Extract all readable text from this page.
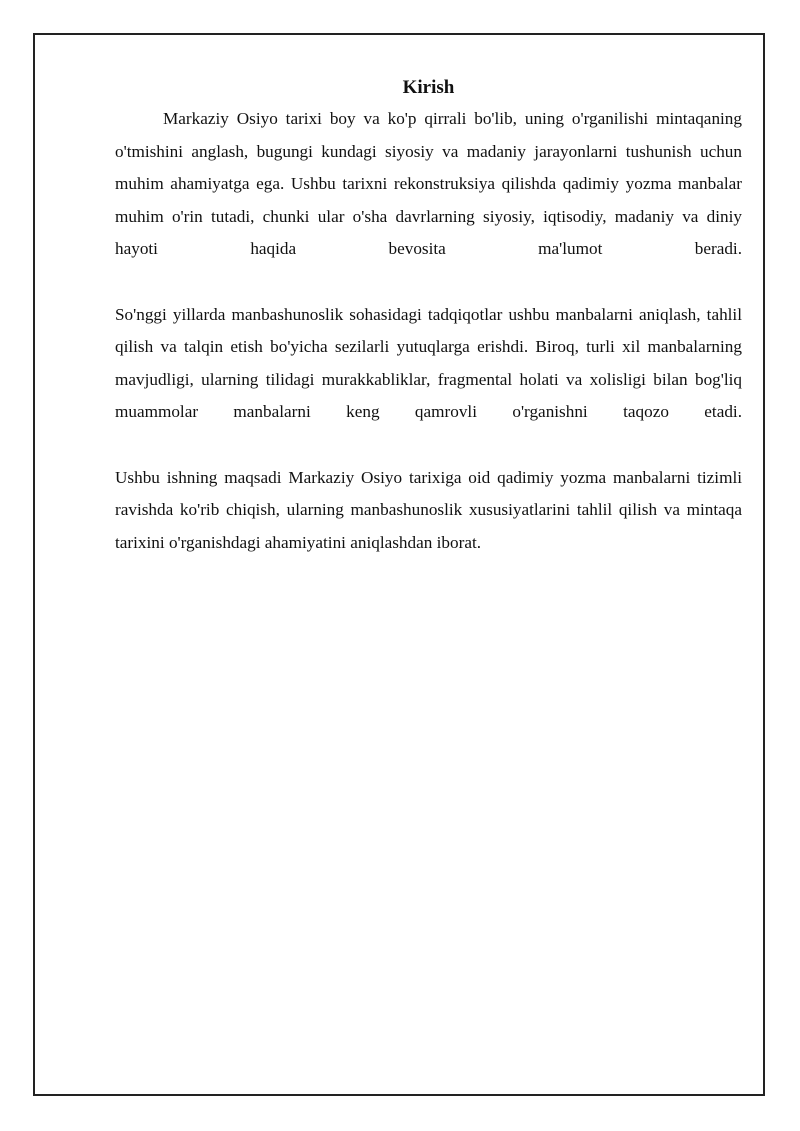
Kirish

Markaziy Osiyo tarixi boy va ko'p qirrali bo'lib, uning o'rganilishi mintaqaning o'tmishini anglash, bugungi kundagi siyosiy va madaniy jarayonlarni tushunish uchun muhim ahamiyatga ega. Ushbu tarixni rekonstruksiya qilishda qadimiy yozma manbalar muhim o'rin tutadi, chunki ular o'sha davrlarning siyosiy, iqtisodiy, madaniy va diniy hayoti haqida bevosita ma'lumot beradi.

So'nggi yillarda manbashunoslik sohasidagi tadqiqotlar ushbu manbalarni aniqlash, tahlil qilish va talqin etish bo'yicha sezilarli yutuqlarga erishdi. Biroq, turli xil manbalarning mavjudligi, ularning tilidagi murakkabliklar, fragmental holati va xolisligi bilan bog'liq muammolar manbalarni keng qamrovli o'rganishni taqozo etadi.

Ushbu ishning maqsadi Markaziy Osiyo tarixiga oid qadimiy yozma manbalarni tizimli ravishda ko'rib chiqish, ularning manbashunoslik xususiyatlarini tahlil qilish va mintaqa tarixini o'rganishdagi ahamiyatini aniqlashdan iborat.
